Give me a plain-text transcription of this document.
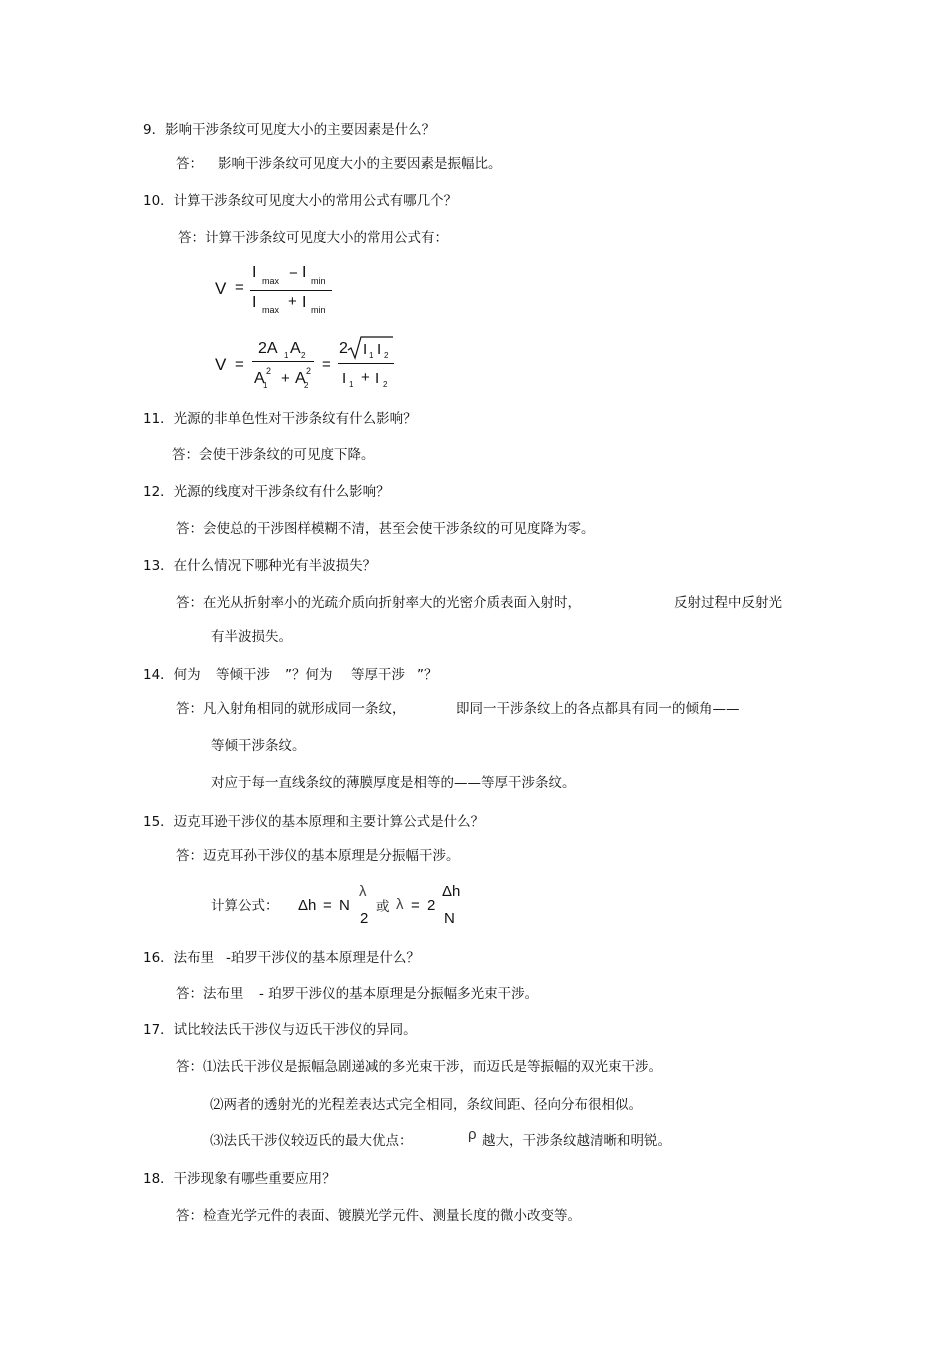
9．影响干涉条纹可见度大小的主要因素是什么？
答： 影响干涉条纹可见度大小的主要因素是振幅比。
10．计算干涉条纹可见度大小的常用公式有哪几个？
答：计算干涉条纹可见度大小的常用公式有：
V =
I max − I min
I max + I min
V =
2A 1 A 2
A
1
2 + A
2
2 =
2 I 1 I 2
I 1 + I 2
11．光源的非单色性对干涉条纹有什么影响？
答：会使干涉条纹的可见度下降。
12．光源的线度对干涉条纹有什么影响？
答：会使总的干涉图样模糊不清，甚至会使干涉条纹的可见度降为零。
13．在什么情况下哪种光有半波损失？
答：在光从折射率小的光疏介质向折射率大的光密介质表面入射时，	反射过程中反射光
有半波损失。
14．何为 等倾干涉 ”？何为 等厚干涉 ”？
答：凡入射角相同的就形成同一条纹，	即同一干涉条纹上的各点都具有同一的倾角——
等倾干涉条纹。
对应于每一直线条纹的薄膜厚度是相等的——等厚干涉条纹。
15．迈克耳逊干涉仪的基本原理和主要计算公式是什么？
答：迈克耳孙干涉仪的基本原理是分振幅干涉。
计算公式： Δh = N
λ
2
或 λ = 2
Δh
N
16．法布里 -珀罗干涉仪的基本原理是什么？
答：法布里 - 珀罗干涉仪的基本原理是分振幅多光束干涉。
17．试比较法氏干涉仪与迈氏干涉仪的异同。
答：⑴法氏干涉仪是振幅急剧递减的多光束干涉，而迈氏是等振幅的双光束干涉。
⑵两者的透射光的光程差表达式完全相同，条纹间距、径向分布很相似。
⑶法氏干涉仪较迈氏的最大优点：	ρ 越大，干涉条纹越清晰和明锐。
18．干涉现象有哪些重要应用？
答：检查光学元件的表面、镀膜光学元件、测量长度的微小改变等。
